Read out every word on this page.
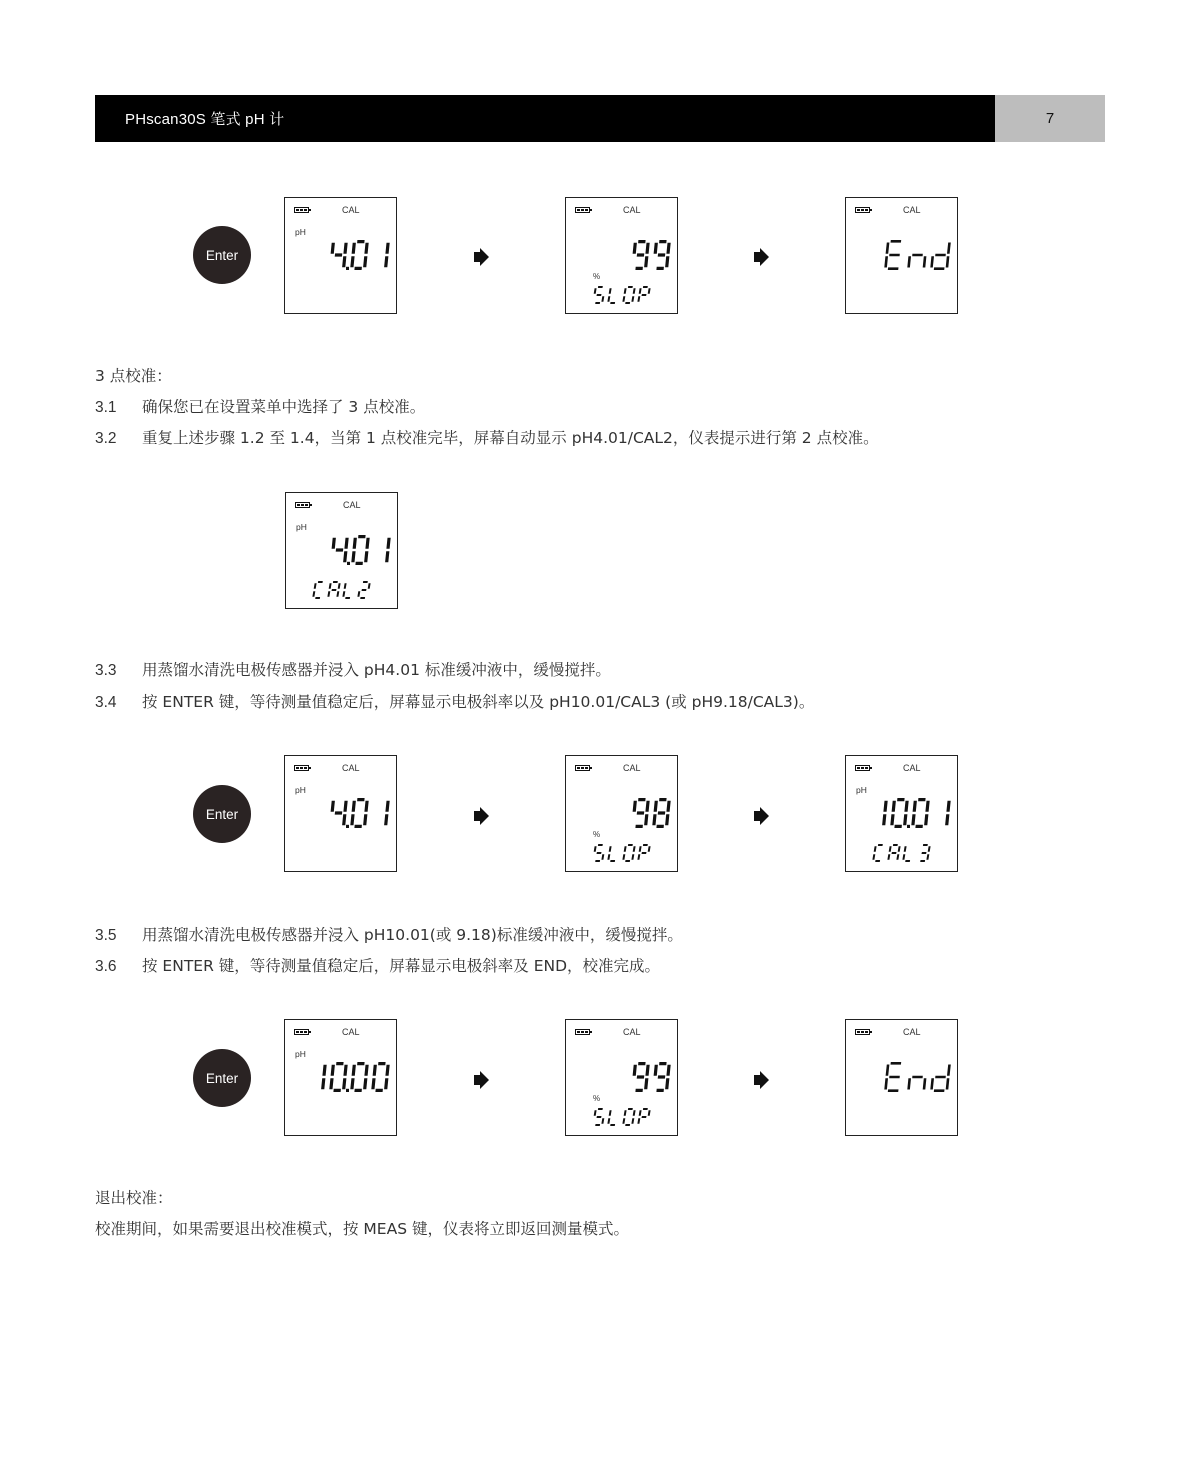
PHscan30S 笔式 pH 计	7
Enter
CAL
pH
CAL
%
CAL
3 点校准：
3.1 确保您已在设置菜单中选择了 3 点校准。
3.2 重复上述步骤 1.2 至 1.4，当第 1 点校准完毕，屏幕自动显示 pH4.01/CAL2，仪表提示进行第 2 点校准。
CAL
pH
3.3 用蒸馏水清洗电极传感器并浸入 pH4.01 标准缓冲液中，缓慢搅拌。
3.4 按 ENTER 键，等待测量值稳定后，屏幕显示电极斜率以及 pH10.01/CAL3 (或 pH9.18/CAL3)。
Enter
CAL
pH
CAL
%
CAL
pH
3.5 用蒸馏水清洗电极传感器并浸入 pH10.01(或 9.18)标准缓冲液中，缓慢搅拌。
3.6 按 ENTER 键，等待测量值稳定后，屏幕显示电极斜率及 END，校准完成。
Enter
CAL
pH
CAL
%
CAL
退出校准：
校准期间，如果需要退出校准模式，按 MEAS 键，仪表将立即返回测量模式。
